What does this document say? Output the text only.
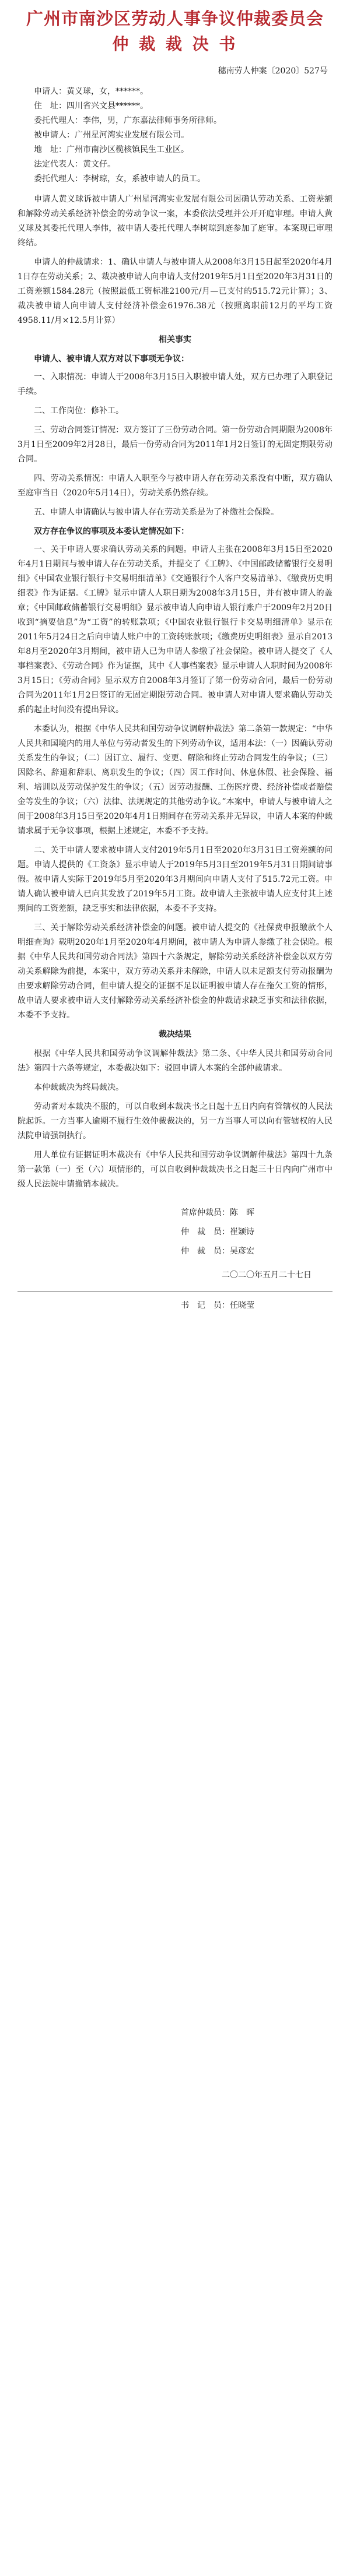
广州市南沙区劳动人事争议仲裁委员会
仲 裁 裁 决 书

穗南劳人仲案〔2020〕527号

申请人：黄义球，女，******。

住　址：四川省兴文县******。

委托代理人：李伟，男，广东嘉法律师事务所律师。

被申请人：广州星河湾实业发展有限公司。

地　址：广州市南沙区榄核镇民生工业区。

法定代表人：黄文仔。

委托代理人：李树琼，女，系被申请人的员工。

申请人黄义球诉被申请人广州星河湾实业发展有限公司因确认劳动关系、工资差额和解除劳动关系经济补偿金的劳动争议一案，本委依法受理并公开开庭审理。申请人黄义球及其委托代理人李伟，被申请人委托代理人李树琼到庭参加了庭审。本案现已审理终结。

申请人的仲裁请求：1、确认申请人与被申请人从2008年3月15日起至2020年4月1日存在劳动关系；2、裁决被申请人向申请人支付2019年5月1日至2020年3月31日的工资差额1584.28元（按照最低工资标准2100元/月—已支付的515.72元计算）；3、裁决被申请人向申请人支付经济补偿金61976.38元（按照离职前12月的平均工资4958.11/月×12.5月计算）

相关事实

申请人、被申请人双方对以下事项无争议：

一、入职情况：申请人于2008年3月15日入职被申请人处，双方已办理了入职登记手续。

二、工作岗位：修补工。

三、劳动合同签订情况：双方签订了三份劳动合同。第一份劳动合同期限为2008年3月1日至2009年2月28日，最后一份劳动合同为2011年1月2日签订的无固定期限劳动合同。

四、劳动关系情况：申请人入职至今与被申请人存在劳动关系没有中断，双方确认至庭审当日（2020年5月14日），劳动关系仍然存续。

五、申请人申请确认与被申请人存在劳动关系是为了补缴社会保险。

双方存在争议的事项及本委认定情况如下：

一、关于申请人要求确认劳动关系的问题。申请人主张在2008年3月15日至2020年4月1日期间与被申请人存在劳动关系，并提交了《工牌》、《中国邮政储蓄银行交易明细》《中国农业银行银行卡交易明细清单》《交通银行个人客户交易清单》、《缴费历史明细表》作为证据。《工牌》显示申请人人职日期为2008年3月15日，并有被申请人的盖章；《中国邮政储蓄银行交易明细》显示被申请人向申请人银行账户于2009年2月20日收到“摘要信息”为“工资”的转账款项；《中国农业银行银行卡交易明细清单》显示在2011年5月24日之后向申请人账户中的工资转账款项；《缴费历史明细表》显示自2013年8月至2020年3月期间，被申请人已为申请人参缴了社会保险。被申请人提交了《人事档案表》、《劳动合同》作为证据，其中《人事档案表》显示申请人人职时间为2008年3月15日；《劳动合同》显示双方自2008年3月签订了第一份劳动合同，最后一份劳动合同为2011年1月2日签订的无固定期限劳动合同。被申请人对申请人要求确认劳动关系的起止时间没有提出异议。

本委认为，根据《中华人民共和国劳动争议调解仲裁法》第二条第一款规定：“中华人民共和国境内的用人单位与劳动者发生的下列劳动争议，适用本法：（一）因确认劳动关系发生的争议；（二）因订立、履行、变更、解除和终止劳动合同发生的争议；（三）因除名、辞退和辞职、离职发生的争议；（四）因工作时间、休息休假、社会保险、福利、培训以及劳动保护发生的争议；（五）因劳动报酬、工伤医疗费、经济补偿或者赔偿金等发生的争议；（六）法律、法规规定的其他劳动争议。”本案中，申请人与被申请人之间于2008年3月15日至2020年4月1日期间存在劳动关系并无异议，申请人本案的仲裁请求属于无争议事项，根据上述规定，本委不予支持。

二、关于申请人要求被申请人支付2019年5月1日至2020年3月31日工资差额的问题。申请人提供的《工资条》显示申请人于2019年5月3日至2019年5月31日期间请事假。被申请人实际于2019年5月至2020年3月期间向申请人支付了515.72元工资。申请人确认被申请人已向其发放了2019年5月工资。故申请人主张被申请人应支付其上述期间的工资差额，缺乏事实和法律依据，本委不予支持。

三、关于解除劳动关系经济补偿金的问题。被申请人提交的《社保费申报缴款个人明细查询》载明2020年1月至2020年4月期间，被申请人为申请人参缴了社会保险。根据《中华人民共和国劳动合同法》第四十六条规定，解除劳动关系经济补偿金以双方劳动关系解除为前提，本案中，双方劳动关系并未解除，申请人以未足额支付劳动报酬为由要求解除劳动合同，但申请人提交的证据不足以证明被申请人存在拖欠工资的情形，故申请人要求被申请人支付解除劳动关系经济补偿金的仲裁请求缺乏事实和法律依据，本委不予支持。

裁决结果

根据《中华人民共和国劳动争议调解仲裁法》第二条、《中华人民共和国劳动合同法》第四十六条等规定，本委裁决如下：驳回申请人本案的全部仲裁请求。

本仲裁裁决为终局裁决。

劳动者对本裁决不服的，可以自收到本裁决书之日起十五日内向有管辖权的人民法院起诉。一方当事人逾期不履行生效仲裁裁决的，另一方当事人可以向有管辖权的人民法院申请强制执行。

用人单位有证据证明本裁决有《中华人民共和国劳动争议调解仲裁法》第四十九条第一款第（一）至（六）项情形的，可以自收到仲裁裁决书之日起三十日内向广州市中级人民法院申请撤销本裁决。

首席仲裁员：陈　晖
仲　裁　员：崔颖诗
仲　裁　员：吴彦宏

二〇二〇年五月二十七日

书　记　员：任晓莹
